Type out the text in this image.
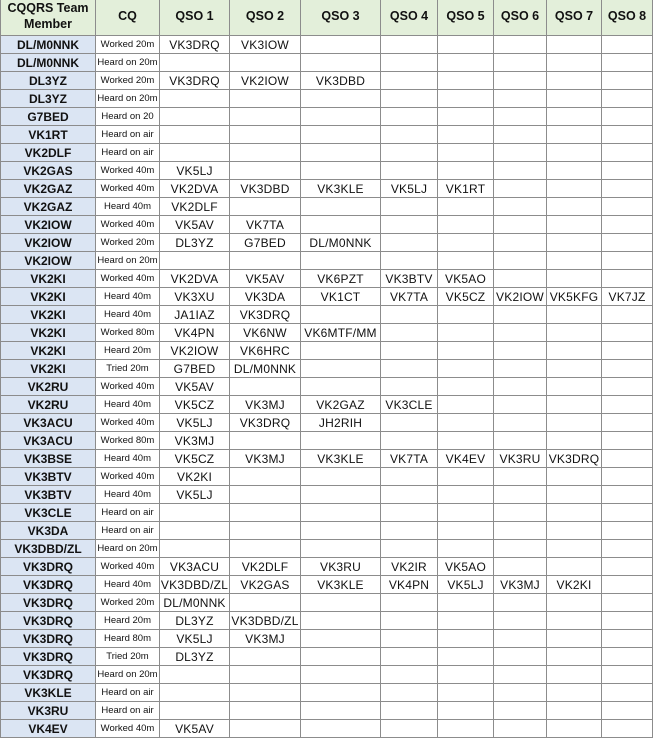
CQQRS Team Member	CQ	QSO 1	QSO 2	QSO 3	QSO 4	QSO 5	QSO 6	QSO 7	QSO 8
DL/M0NNK	Worked 20m	VK3DRQ	VK3IOW						
DL/M0NNK	Heard on 20m								
DL3YZ	Worked 20m	VK3DRQ	VK2IOW	VK3DBD					
DL3YZ	Heard on 20m								
G7BED	Heard on 20								
VK1RT	Heard on air								
VK2DLF	Heard on air								
VK2GAS	Worked 40m	VK5LJ							
VK2GAZ	Worked 40m	VK2DVA	VK3DBD	VK3KLE	VK5LJ	VK1RT			
VK2GAZ	Heard 40m	VK2DLF							
VK2IOW	Worked 40m	VK5AV	VK7TA						
VK2IOW	Worked 20m	DL3YZ	G7BED	DL/M0NNK					
VK2IOW	Heard on 20m								
VK2KI	Worked 40m	VK2DVA	VK5AV	VK6PZT	VK3BTV	VK5AO			
VK2KI	Heard 40m	VK3XU	VK3DA	VK1CT	VK7TA	VK5CZ	VK2IOW	VK5KFG	VK7JZ
VK2KI	Heard 40m	JA1IAZ	VK3DRQ						
VK2KI	Worked 80m	VK4PN	VK6NW	VK6MTF/MM					
VK2KI	Heard 20m	VK2IOW	VK6HRC						
VK2KI	Tried 20m	G7BED	DL/M0NNK						
VK2RU	Worked 40m	VK5AV							
VK2RU	Heard 40m	VK5CZ	VK3MJ	VK2GAZ	VK3CLE				
VK3ACU	Worked 40m	VK5LJ	VK3DRQ	JH2RIH					
VK3ACU	Worked 80m	VK3MJ							
VK3BSE	Heard 40m	VK5CZ	VK3MJ	VK3KLE	VK7TA	VK4EV	VK3RU	VK3DRQ	
VK3BTV	Worked 40m	VK2KI							
VK3BTV	Heard 40m	VK5LJ							
VK3CLE	Heard on air								
VK3DA	Heard on air								
VK3DBD/ZL	Heard on 20m								
VK3DRQ	Worked 40m	VK3ACU	VK2DLF	VK3RU	VK2IR	VK5AO			
VK3DRQ	Heard 40m	VK3DBD/ZL	VK2GAS	VK3KLE	VK4PN	VK5LJ	VK3MJ	VK2KI	
VK3DRQ	Worked 20m	DL/M0NNK							
VK3DRQ	Heard 20m	DL3YZ	VK3DBD/ZL						
VK3DRQ	Heard 80m	VK5LJ	VK3MJ						
VK3DRQ	Tried 20m	DL3YZ							
VK3DRQ	Heard on 20m								
VK3KLE	Heard on air								
VK3RU	Heard on air								
VK4EV	Worked 40m	VK5AV							
